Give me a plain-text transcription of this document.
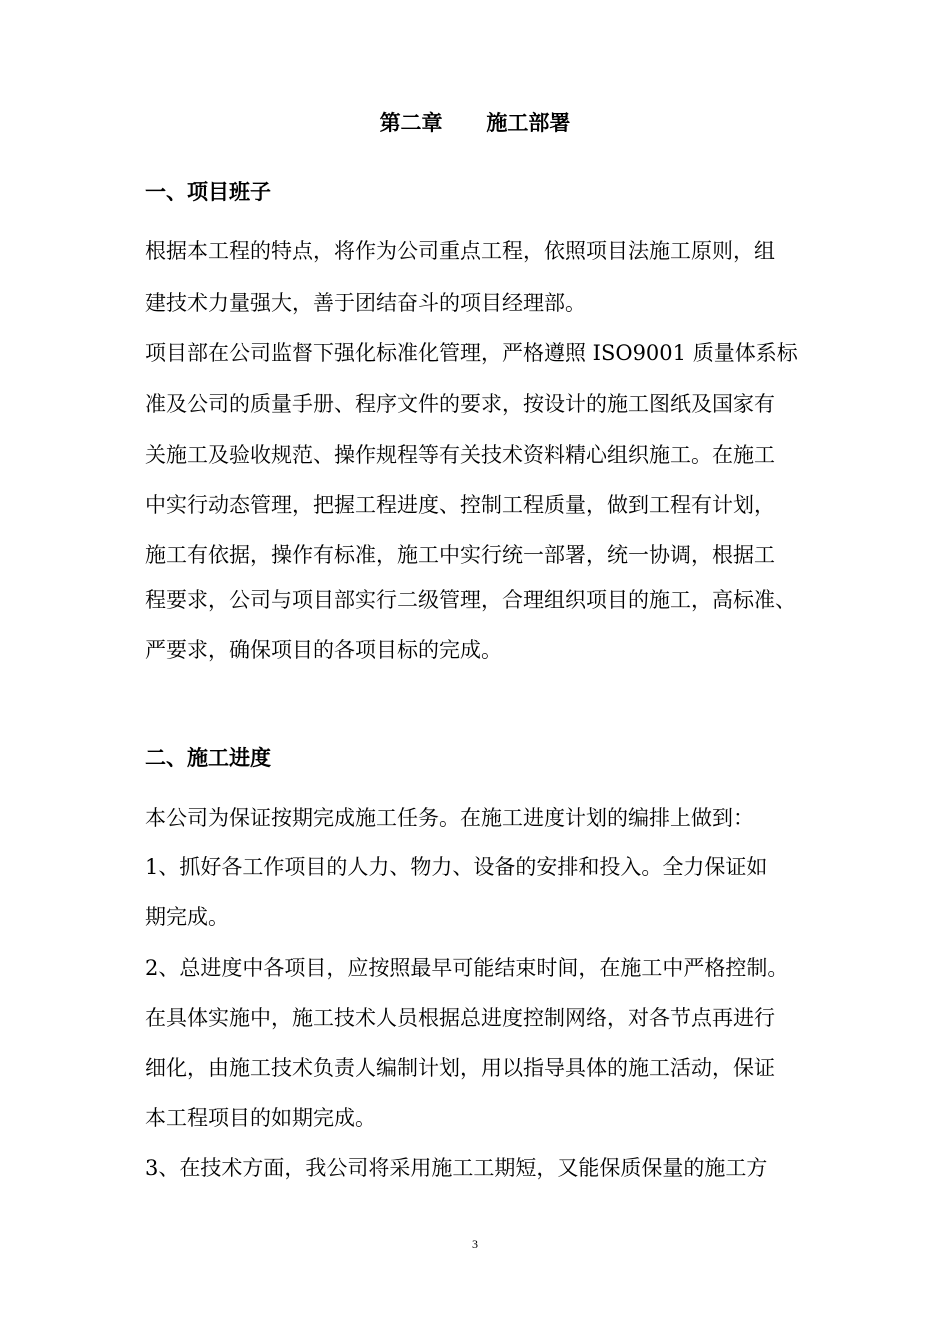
第二章      施工部署
一、项目班子
根据本工程的特点，将作为公司重点工程，依照项目法施工原则，组
建技术力量强大，善于团结奋斗的项目经理部。
项目部在公司监督下强化标准化管理，严格遵照 ISO9001 质量体系标
准及公司的质量手册、程序文件的要求，按设计的施工图纸及国家有
关施工及验收规范、操作规程等有关技术资料精心组织施工。在施工
中实行动态管理，把握工程进度、控制工程质量，做到工程有计划，
施工有依据，操作有标准，施工中实行统一部署，统一协调，根据工
程要求，公司与项目部实行二级管理，合理组织项目的施工，高标准、
严要求，确保项目的各项目标的完成。
二、施工进度
本公司为保证按期完成施工任务。在施工进度计划的编排上做到：
1、抓好各工作项目的人力、物力、设备的安排和投入。全力保证如
期完成。
2、总进度中各项目，应按照最早可能结束时间，在施工中严格控制。
在具体实施中，施工技术人员根据总进度控制网络，对各节点再进行
细化，由施工技术负责人编制计划，用以指导具体的施工活动，保证
本工程项目的如期完成。
3、在技术方面，我公司将采用施工工期短，又能保质保量的施工方
3
